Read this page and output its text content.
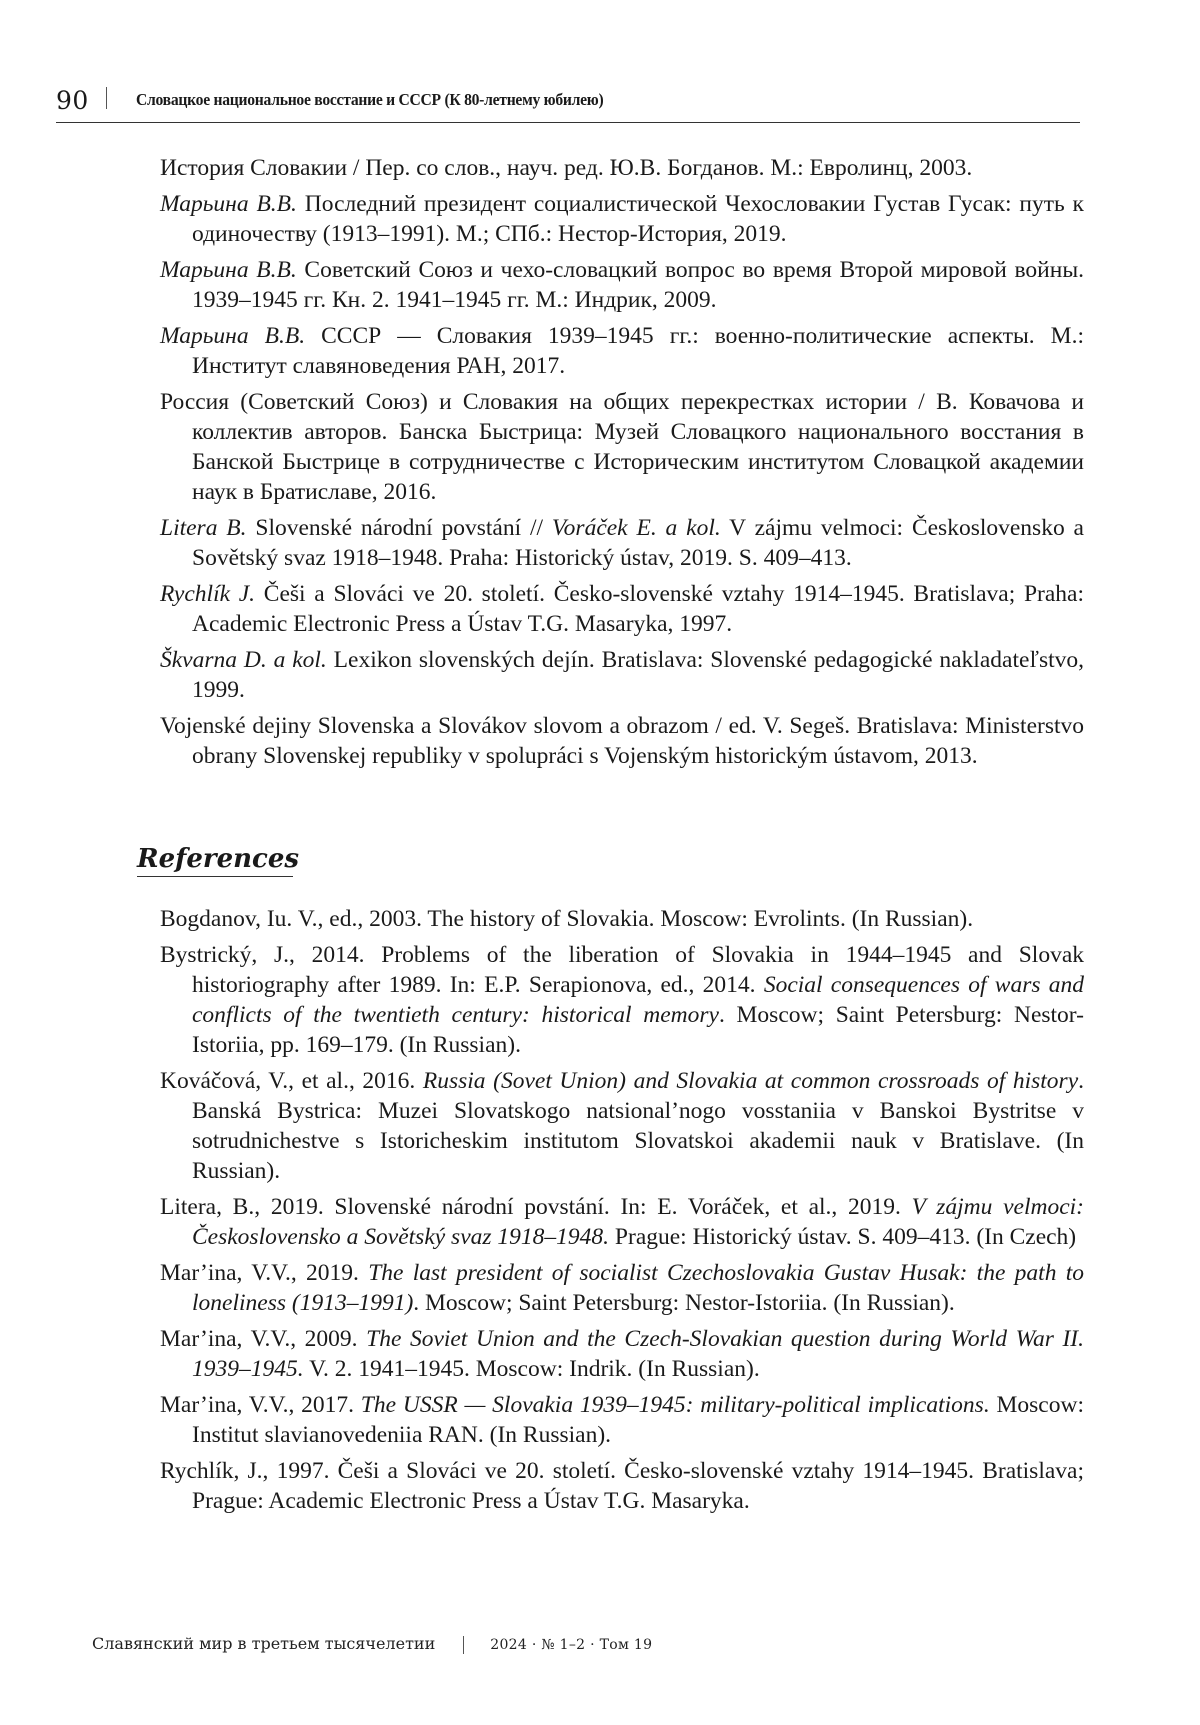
90	Словацкое национальное восстание и СССР (К 80-летнему юбилею)

История Словакии / Пер. со слов., науч. ред. Ю.В. Богданов. М.: Евролинц, 2003.

Марьина В.В. Последний президент социалистической Чехословакии Густав Гусак: путь к одиночеству (1913–1991). М.; СПб.: Нестор-История, 2019.

Марьина В.В. Советский Союз и чехо-словацкий вопрос во время Второй мировой войны. 1939–1945 гг. Кн. 2. 1941–1945 гг. М.: Индрик, 2009.

Марьина В.В. СССР — Словакия 1939–1945 гг.: военно-политические аспекты. М.: Институт славяноведения РАН, 2017.

Россия (Советский Союз) и Словакия на общих перекрестках истории / В. Ковачова и коллектив авторов. Банска Быстрица: Музей Словацкого национального восстания в Банской Быстрице в сотрудничестве с Историческим институтом Словацкой академии наук в Братиславе, 2016.

Litera B. Slovenské národní povstání // Voráček E. a kol. V zájmu velmoci: Československo a Sovětský svaz 1918–1948. Praha: Historický ústav, 2019. S. 409–413.

Rychlík J. Češi a Slováci ve 20. století. Česko-slovenské vztahy 1914–1945. Bratislava; Praha: Academic Electronic Press a Ústav T.G. Masaryka, 1997.

Škvarna D. a kol. Lexikon slovenských dejín. Bratislava: Slovenské pedagogické nakladateľstvo, 1999.

Vojenské dejiny Slovenska a Slovákov slovom a obrazom / ed. V. Segeš. Bratislava: Ministerstvo obrany Slovenskej republiky v spolupráci s Vojenským historickým ústavom, 2013.

References

Bogdanov, Iu. V., ed., 2003. The history of Slovakia. Moscow: Evrolints. (In Russian).

Bystrický, J., 2014. Problems of the liberation of Slovakia in 1944–1945 and Slovak historiography after 1989. In: E.P. Serapionova, ed., 2014. Social consequences of wars and conflicts of the twentieth century: historical memory. Moscow; Saint Petersburg: Nestor-Istoriia, pp. 169–179. (In Russian).

Kováčová, V., et al., 2016. Russia (Sovet Union) and Slovakia at common crossroads of history. Banská Bystrica: Muzei Slovatskogo natsional’nogo vosstaniia v Banskoi Bystritse v sotrudnichestve s Istoricheskim institutom Slovatskoi akademii nauk v Bratislave. (In Russian).

Litera, B., 2019. Slovenské národní povstání. In: E. Voráček, et al., 2019. V zájmu velmoci: Československo a Sovětský svaz 1918–1948. Prague: Historický ústav. S. 409–413. (In Czech)

Mar’ina, V.V., 2019. The last president of socialist Czechoslovakia Gustav Husak: the path to loneliness (1913–1991). Moscow; Saint Petersburg: Nestor-Istoriia. (In Russian).

Mar’ina, V.V., 2009. The Soviet Union and the Czech-Slovakian question during World War II. 1939–1945. V. 2. 1941–1945. Moscow: Indrik. (In Russian).

Mar’ina, V.V., 2017. The USSR — Slovakia 1939–1945: military-political implications. Moscow: Institut slavianovedeniia RAN. (In Russian).

Rychlík, J., 1997. Češi a Slováci ve 20. století. Česko-slovenské vztahy 1914–1945. Bratislava; Prague: Academic Electronic Press a Ústav T.G. Masaryka.

Славянский мир в третьем тысячелетии	2024 · № 1–2 · Том 19
